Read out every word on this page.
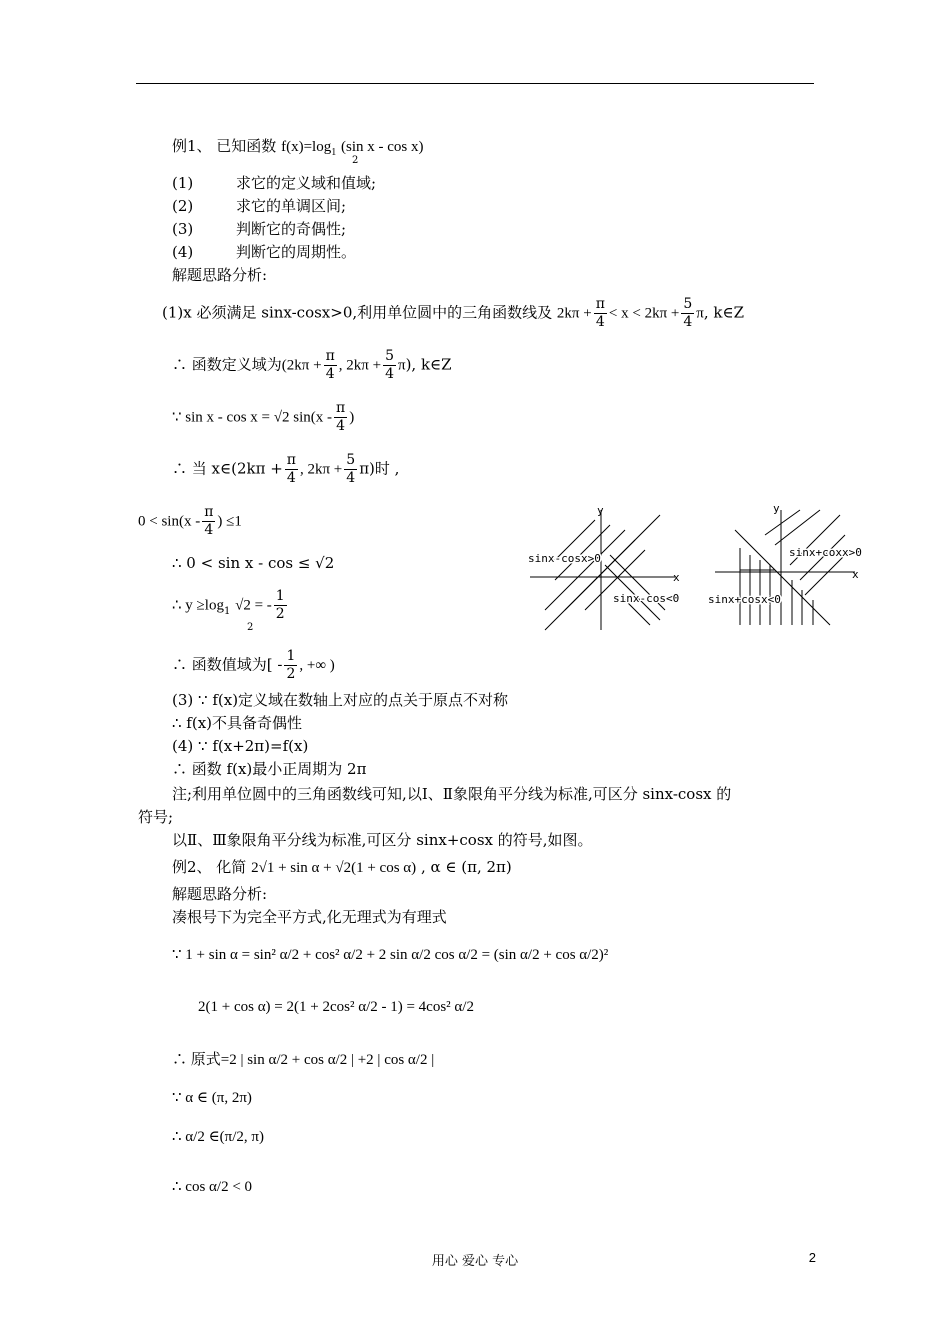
例1、 已知函数 $f(x)=\log_1$ (sin x - cos x)
2
(1)	求它的定义域和值域;
(2)	求它的单调区间;
(3)	判断它的奇偶性;
(4)	判断它的周期性。
解题思路分析:
(1)x 必须满足 sinx-cosx>0,利用单位圆中的三角函数线及 $2k\pi + \frac{\pi}{4} < x < 2k\pi + \frac{5}{4} \pi$, k∈Z
∴ 函数定义域为($2k\pi + \frac{\pi}{4}$ , $2k\pi + \frac{5}{4} \pi$), k∈Z
∵ sin x - cos x = √2 $\sin(x - \frac{\pi}{4}$ )
∴ 当 x∈(2kπ + $\frac{\pi}{4}$ , $2k\pi + \frac{5}{4} \pi$)时 ,
$0 < \sin(x - \frac{\pi}{4}$ ) ≤1
∴ 0 < sin x - cos ≤ √2
∴ $y \ge\log_1$ √2 = - $\frac{1}{2}$
2
∴ 函数值域为[ - $\frac{1}{2}$ , +∞ )
(3) ∵ f(x)定义域在数轴上对应的点关于原点不对称
∴ f(x)不具备奇偶性
(4) ∵ f(x+2π)=f(x)
∴ 函数 f(x)最小正周期为 2π
注;利用单位圆中的三角函数线可知,以Ⅰ、Ⅱ象限角平分线为标准,可区分 sinx-cosx 的
符号;
以Ⅱ、Ⅲ象限角平分线为标准,可区分 sinx+cosx 的符号,如图。
例2、 化简 2√1 + sin α + √2(1 + cos α) , α ∈ (π, 2π)
解题思路分析:
凑根号下为完全平方式,化无理式为有理式
∵ 1 + sin α = sin² α/2 + cos² α/2 + 2 sin α/2 cos α/2 = (sin α/2 + cos α/2)²
2(1 + cos α) = 2(1 + 2cos² α/2 - 1) = 4cos² α/2
∴ 原式=2 | sin α/2 + cos α/2 | +2 | cos α/2 |
∵ α ∈ (π, 2π)
∴ α/2 ∈(π/2, π)
∴ cos α/2 < 0
y
x
sinx-cosx>0
sinx-cos<0
y
x
sinx+coxx>0
sinx+cosx<0
用心 爱心 专心	2
